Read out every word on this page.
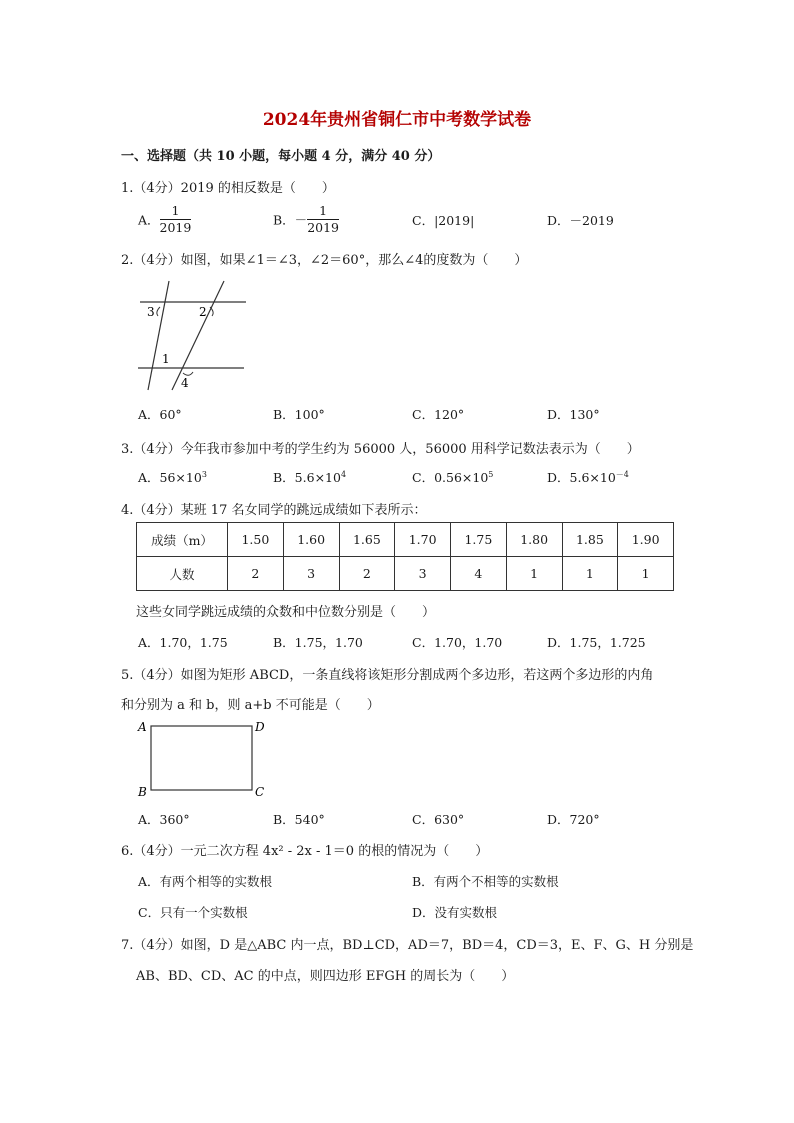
2024年贵州省铜仁市中考数学试卷
一、选择题（共 10 小题，每小题 4 分，满分 40 分）
1.（4分）2019 的相反数是（　　）
A． $\frac{1}{2019}$	B．－ $\frac{1}{2019}$	C．|2019|	D．－2019
2.（4分）如图，如果∠1＝∠3，∠2＝60°，那么∠4的度数为（　　）
3	2
1
4
A．60°	B．100°	C．120°	D．130°
3.（4分）今年我市参加中考的学生约为 56000 人，56000 用科学记数法表示为（　　）
A．$56\times 10^3$	B．$5.6\times 10^4$	C．$0.56\times 10^5$	D．$5.6\times 10^{-4}$
4.（4分）某班 17 名女同学的跳远成绩如下表所示：
成绩（m）	1.50	1.60	1.65	1.70	1.75	1.80	1.85	1.90
人数	2	3	2	3	4	1	1	1
这些女同学跳远成绩的众数和中位数分别是（　　）
A．1.70，1.75	B．1.75，1.70	C．1.70，1.70	D．1.75，1.725
5.（4分）如图为矩形 ABCD，一条直线将该矩形分割成两个多边形，若这两个多边形的内角
和分别为 a 和 b，则 a+b 不可能是（　　）
A	D
B	C
A．360°	B．540°	C．630°	D．720°
6.（4分）一元二次方程 4x² - 2x - 1＝0 的根的情况为（　　）
A．有两个相等的实数根	B．有两个不相等的实数根
C．只有一个实数根	D．没有实数根
7.（4分）如图，D 是△ABC 内一点，BD⊥CD，AD＝7，BD＝4，CD＝3，E、F、G、H 分别是
AB、BD、CD、AC 的中点，则四边形 EFGH 的周长为（　　）
